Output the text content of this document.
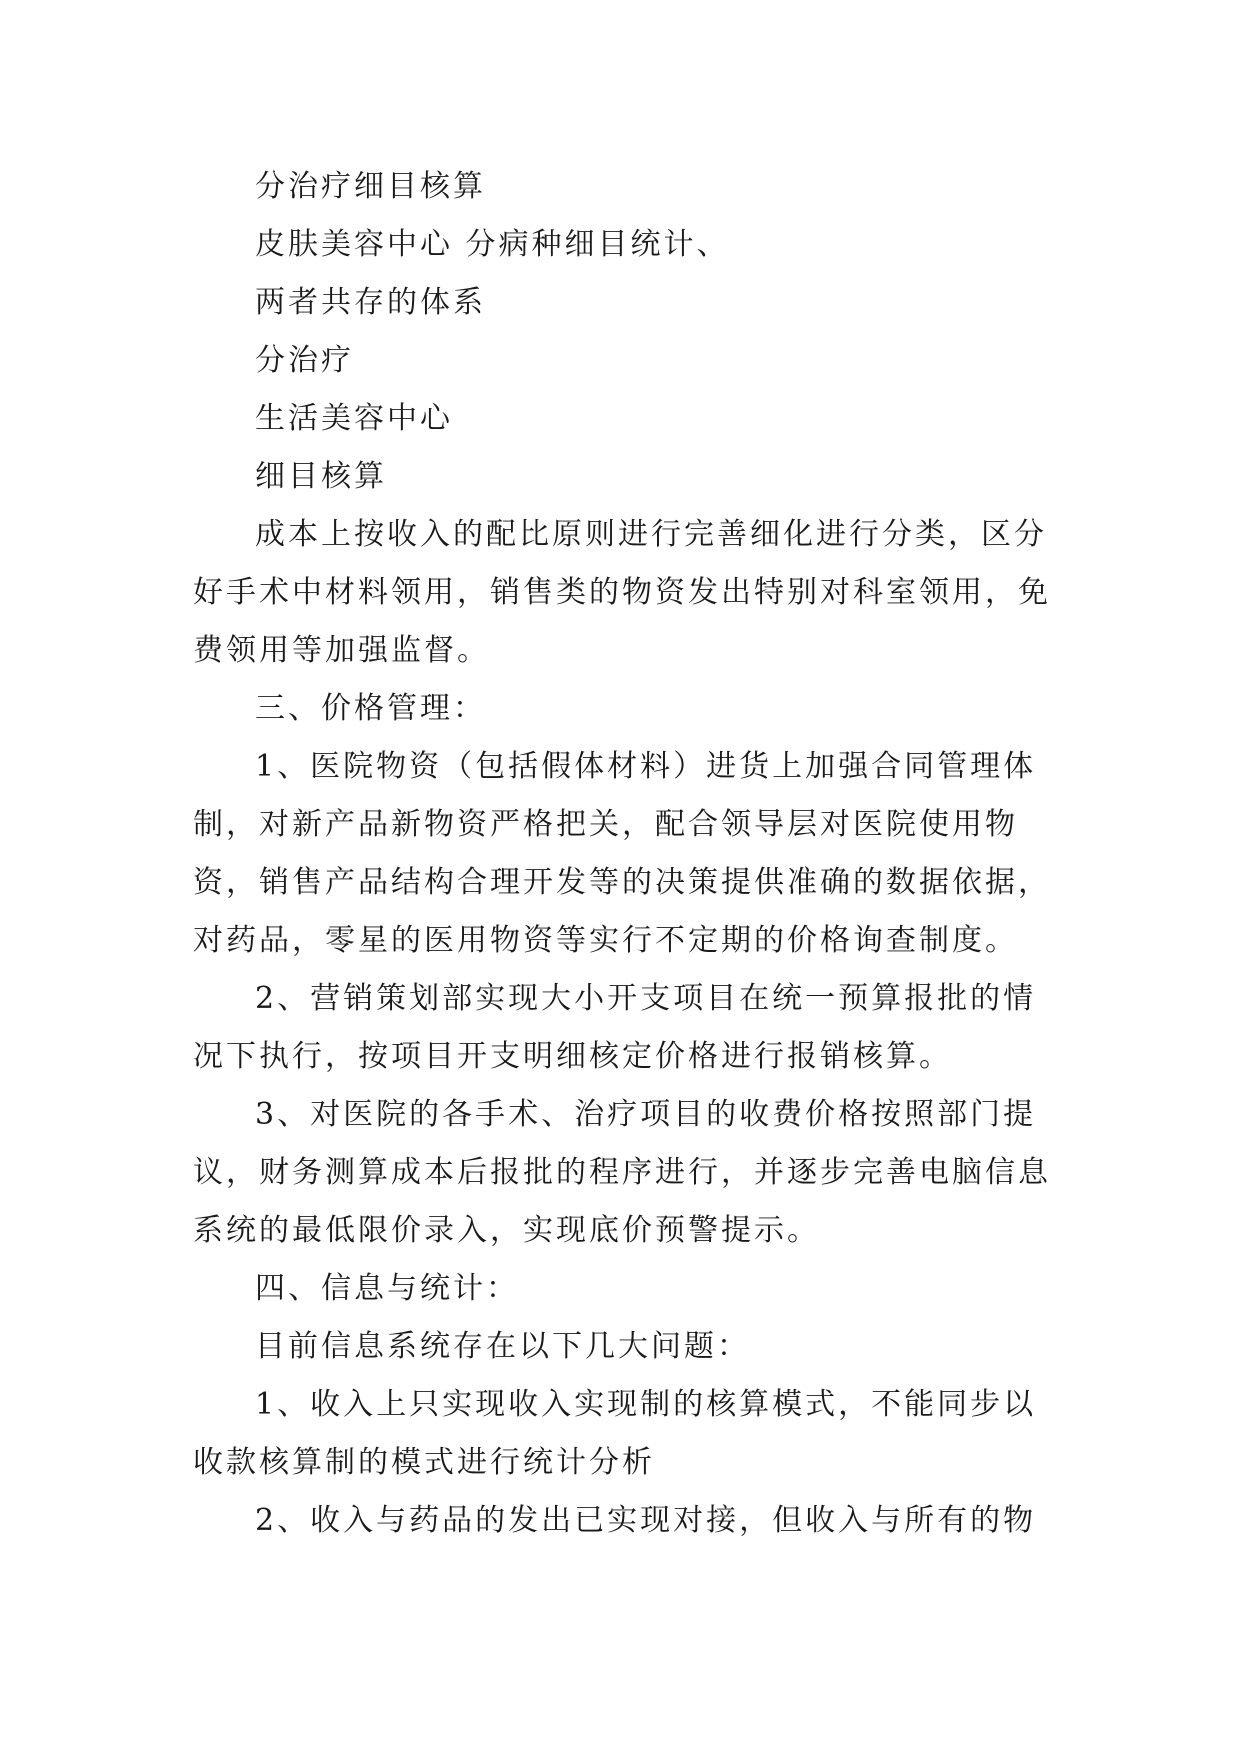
分治疗细目核算
皮肤美容中心 分病种细目统计、
两者共存的体系
分治疗
生活美容中心
细目核算
成本上按收入的配比原则进行完善细化进行分类，区分
好手术中材料领用，销售类的物资发出特别对科室领用，免
费领用等加强监督。
三、价格管理：
1、医院物资（包括假体材料）进货上加强合同管理体
制，对新产品新物资严格把关，配合领导层对医院使用物
资，销售产品结构合理开发等的决策提供准确的数据依据，
对药品，零星的医用物资等实行不定期的价格询查制度。
2、营销策划部实现大小开支项目在统一预算报批的情
况下执行，按项目开支明细核定价格进行报销核算。
3、对医院的各手术、治疗项目的收费价格按照部门提
议，财务测算成本后报批的程序进行，并逐步完善电脑信息
系统的最低限价录入，实现底价预警提示。
四、信息与统计：
目前信息系统存在以下几大问题：
1、收入上只实现收入实现制的核算模式，不能同步以
收款核算制的模式进行统计分析
2、收入与药品的发出已实现对接，但收入与所有的物
